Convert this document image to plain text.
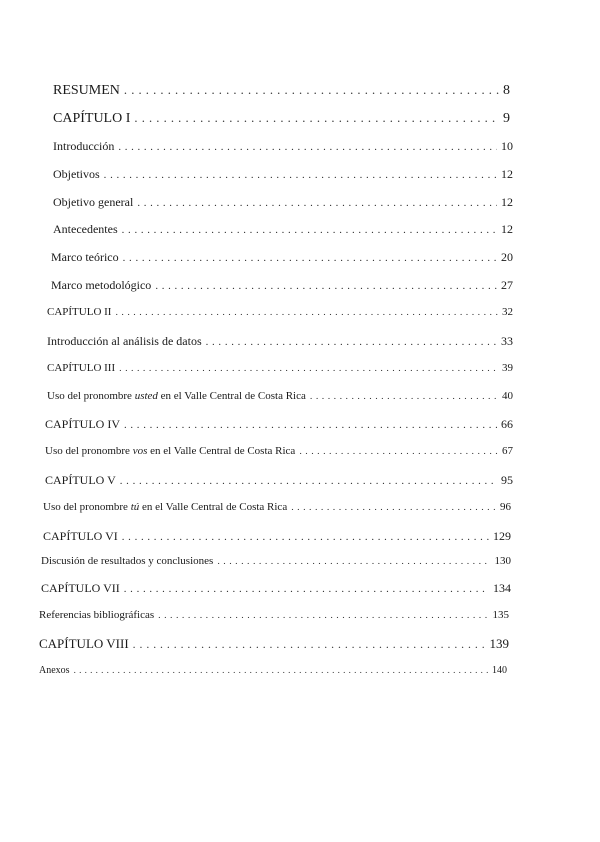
RESUMEN . . .	8
CAPÍTULO I . . .	9
Introducción . . .	10
Objetivos . . .	12
Objetivo general . . .	12
Antecedentes . . .	12
Marco teórico . . .	20
Marco metodológico . . .	27
CAPÍTULO II . . .	32
Introducción al análisis de datos . . .	33
CAPÍTULO III . . .	39
Uso del pronombre usted en el Valle Central de Costa Rica . . .	40
CAPÍTULO IV . . .	66
Uso del pronombre vos en el Valle Central de Costa Rica . . .	67
CAPÍTULO V . . .	95
Uso del pronombre tú en el Valle Central de Costa Rica . . .	96
CAPÍTULO VI . . .	129
Discusión de resultados y conclusiones . . .	130
CAPÍTULO VII . . .	134
Referencias bibliográficas . . .	135
CAPÍTULO VIII . . .	139
Anexos . . .	140
